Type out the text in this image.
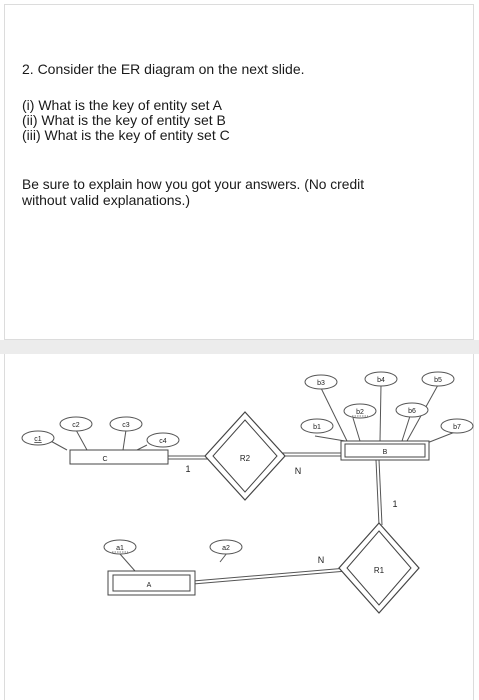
2. Consider the ER diagram on the next slide.
(i) What is the key of entity set A
(ii) What is the key of entity set B
(iii) What is the key of entity set C
Be sure to explain how you got your answers. (No credit
without valid explanations.)
R2
R1
C
B
A
c1
c2	c3
c4
a1	a2
b1
b2
b3	b4	b5
b6
b7
1	N
N
1
